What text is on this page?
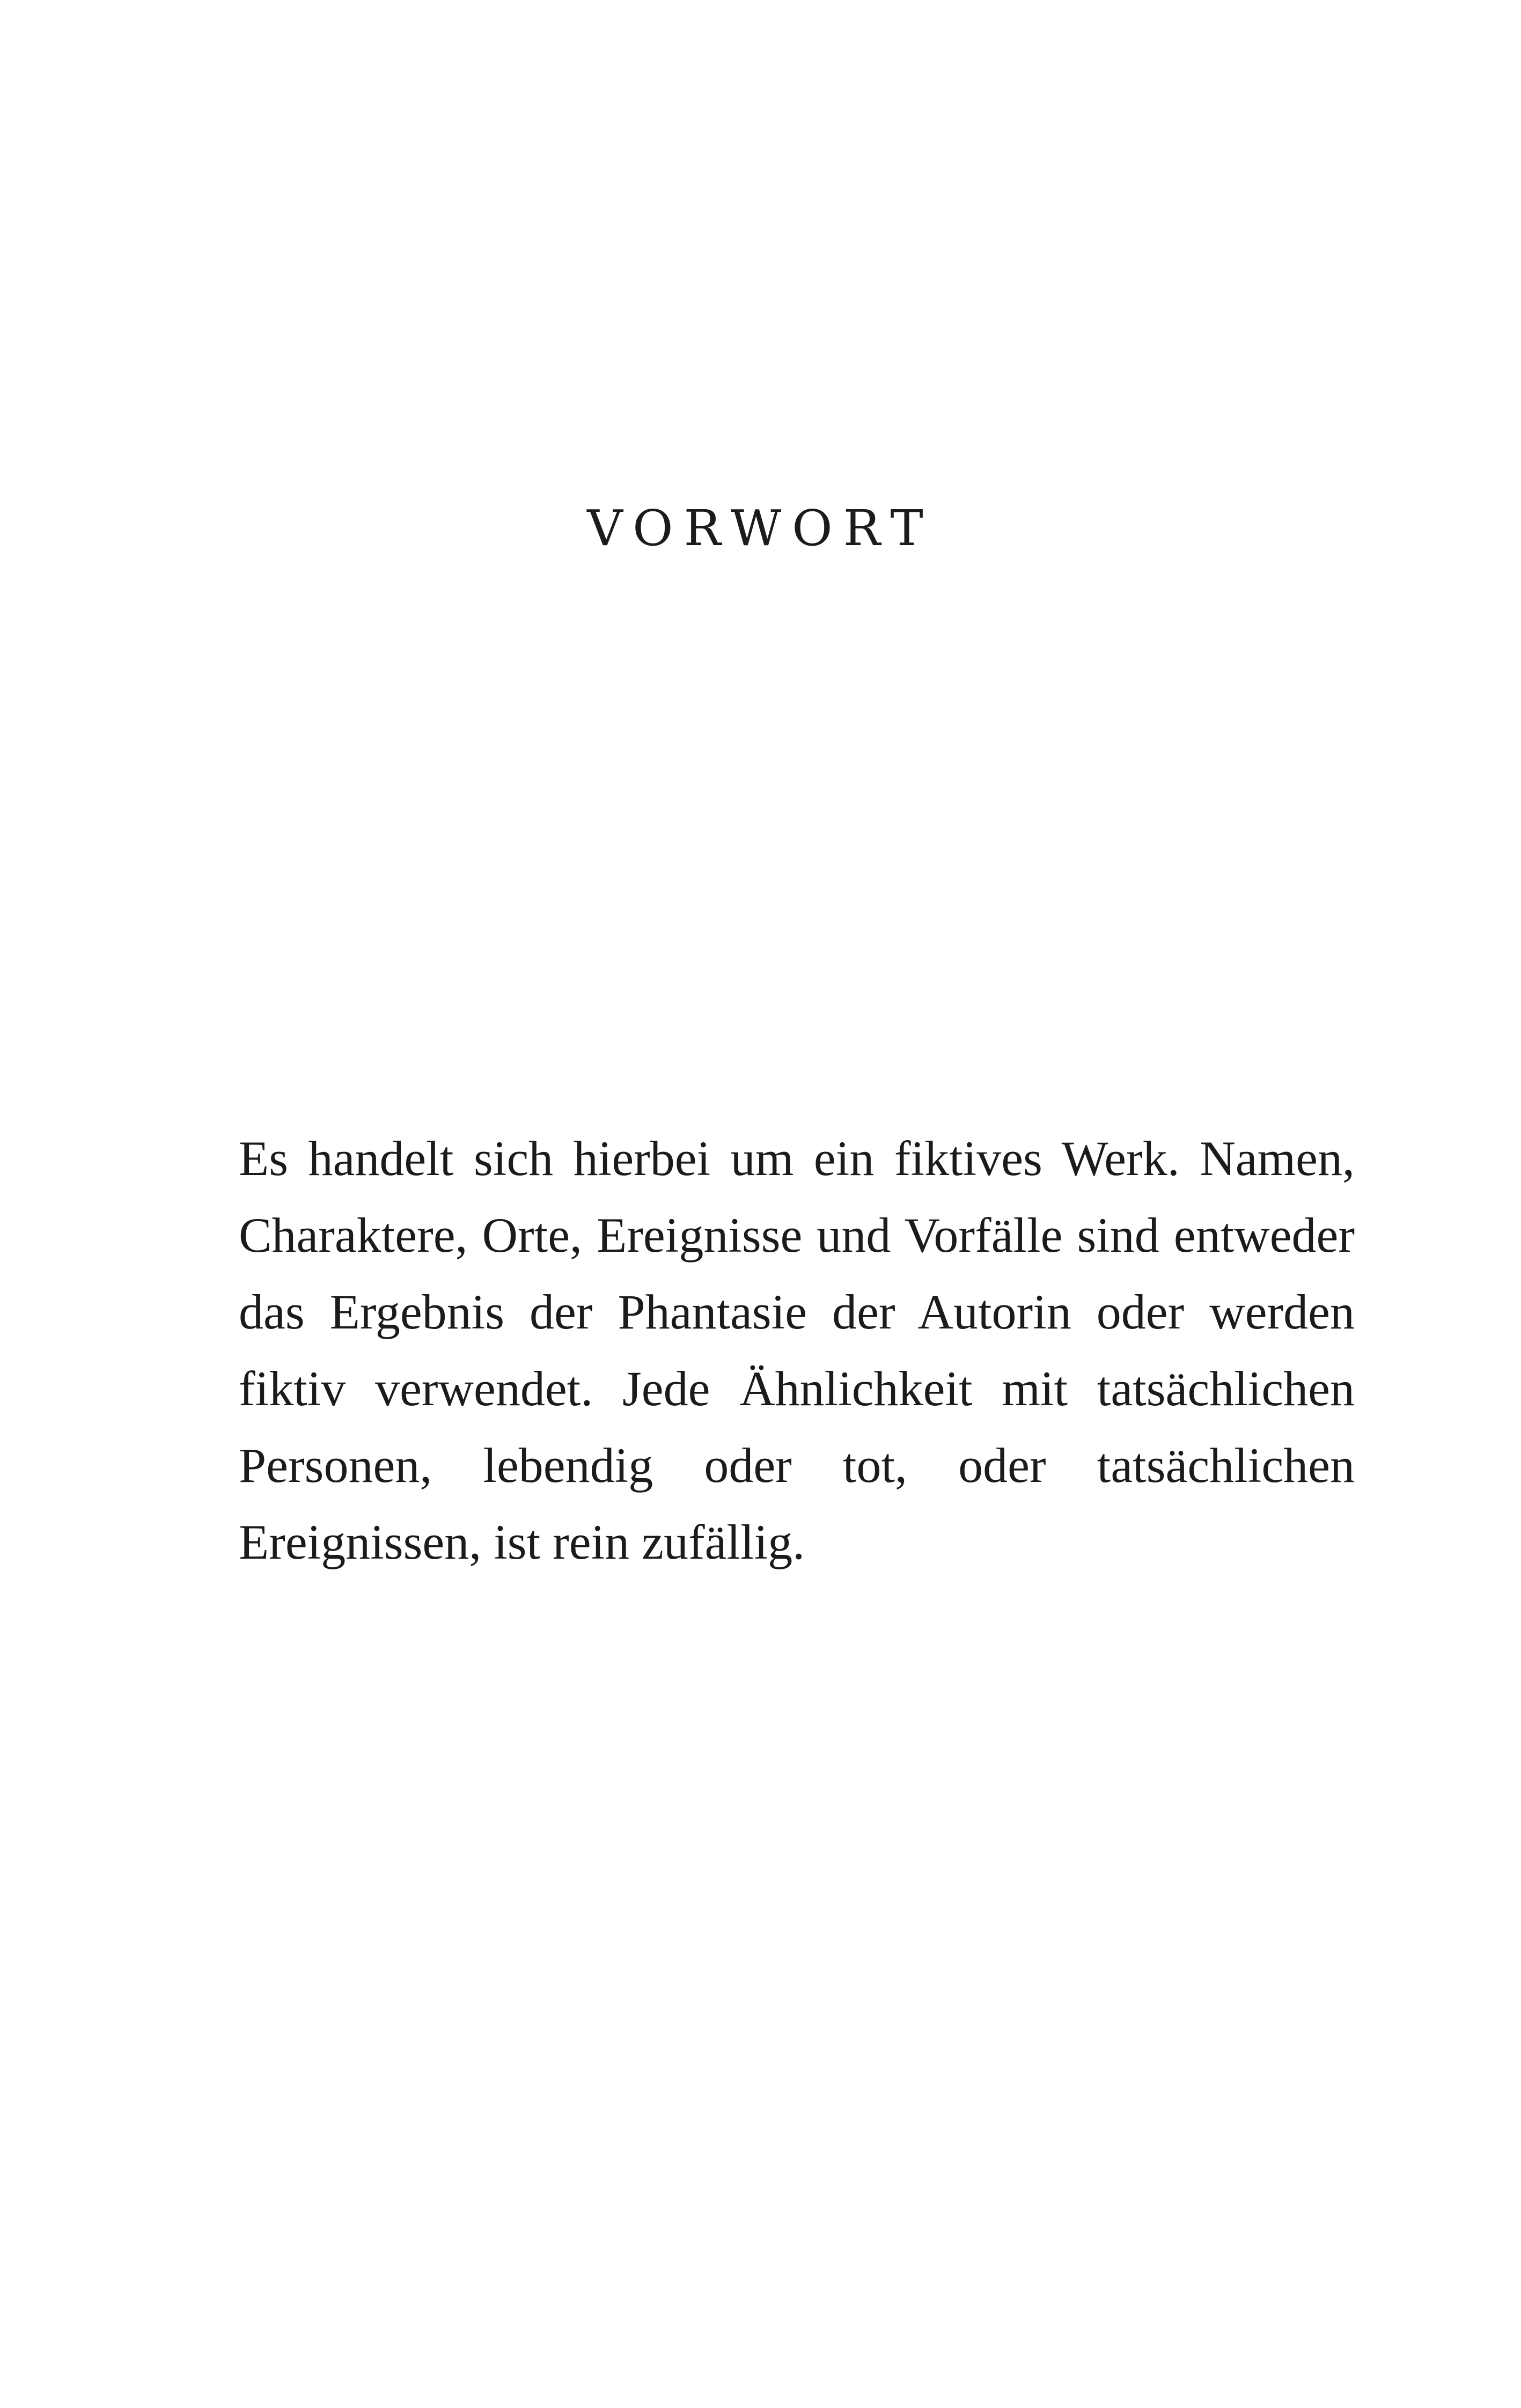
VORWORT

Es handelt sich hierbei um ein fiktives Werk. Namen, Charaktere, Orte, Ereignisse und Vorfälle sind entweder das Ergebnis der Phantasie der Autorin oder werden fiktiv verwendet. Jede Ähnlichkeit mit tatsächlichen Personen, lebendig oder tot, oder tatsächlichen Ereignissen, ist rein zufällig.
